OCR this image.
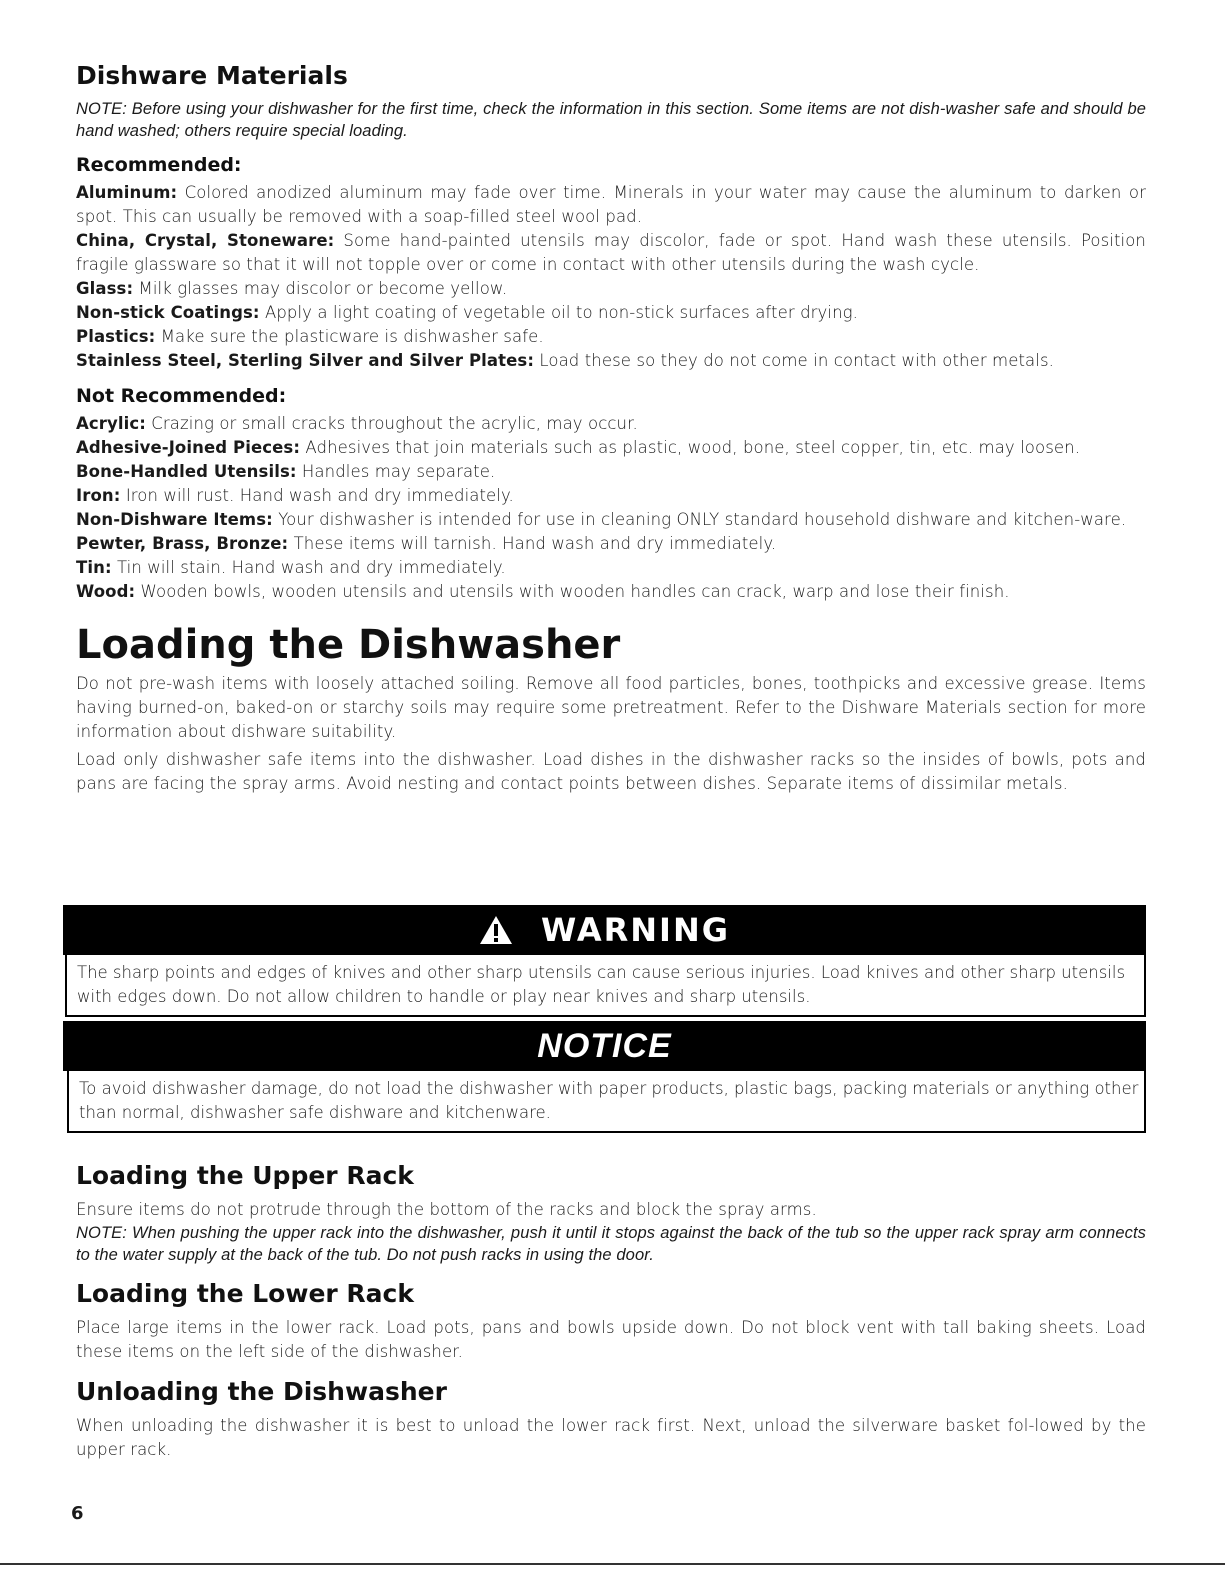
Dishware Materials

NOTE: Before using your dishwasher for the first time, check the information in this section. Some items are not dish-washer safe and should be hand washed; others require special loading.

Recommended:
Aluminum: Colored anodized aluminum may fade over time. Minerals in your water may cause the aluminum to darken or spot. This can usually be removed with a soap-filled steel wool pad.
China, Crystal, Stoneware: Some hand-painted utensils may discolor, fade or spot. Hand wash these utensils. Position fragile glassware so that it will not topple over or come in contact with other utensils during the wash cycle.
Glass: Milk glasses may discolor or become yellow.
Non-stick Coatings: Apply a light coating of vegetable oil to non-stick surfaces after drying.
Plastics: Make sure the plasticware is dishwasher safe.
Stainless Steel, Sterling Silver and Silver Plates: Load these so they do not come in contact with other metals.
Not Recommended:
Acrylic: Crazing or small cracks throughout the acrylic, may occur.
Adhesive-Joined Pieces: Adhesives that join materials such as plastic, wood, bone, steel copper, tin, etc. may loosen.
Bone-Handled Utensils: Handles may separate.
Iron: Iron will rust. Hand wash and dry immediately.
Non-Dishware Items: Your dishwasher is intended for use in cleaning ONLY standard household dishware and kitchen-ware.
Pewter, Brass, Bronze: These items will tarnish. Hand wash and dry immediately.
Tin: Tin will stain. Hand wash and dry immediately.
Wood: Wooden bowls, wooden utensils and utensils with wooden handles can crack, warp and lose their finish.
Loading the Dishwasher

Do not pre-wash items with loosely attached soiling. Remove all food particles, bones, toothpicks and excessive grease. Items having burned-on, baked-on or starchy soils may require some pretreatment. Refer to the Dishware Materials section for more information about dishware suitability.

Load only dishwasher safe items into the dishwasher. Load dishes in the dishwasher racks so the insides of bowls, pots and pans are facing the spray arms. Avoid nesting and contact points between dishes. Separate items of dissimilar metals.

WARNING
The sharp points and edges of knives and other sharp utensils can cause serious injuries. Load knives and other sharp utensils with edges down. Do not allow children to handle or play near knives and sharp utensils.
NOTICE
To avoid dishwasher damage, do not load the dishwasher with paper products, plastic bags, packing materials or anything other than normal, dishwasher safe dishware and kitchenware.
Loading the Upper Rack

Ensure items do not protrude through the bottom of the racks and block the spray arms.

NOTE: When pushing the upper rack into the dishwasher, push it until it stops against the back of the tub so the upper rack spray arm connects to the water supply at the back of the tub. Do not push racks in using the door.

Loading the Lower Rack

Place large items in the lower rack. Load pots, pans and bowls upside down. Do not block vent with tall baking sheets. Load these items on the left side of the dishwasher.

Unloading the Dishwasher

When unloading the dishwasher it is best to unload the lower rack first. Next, unload the silverware basket fol-lowed by the upper rack.

6
